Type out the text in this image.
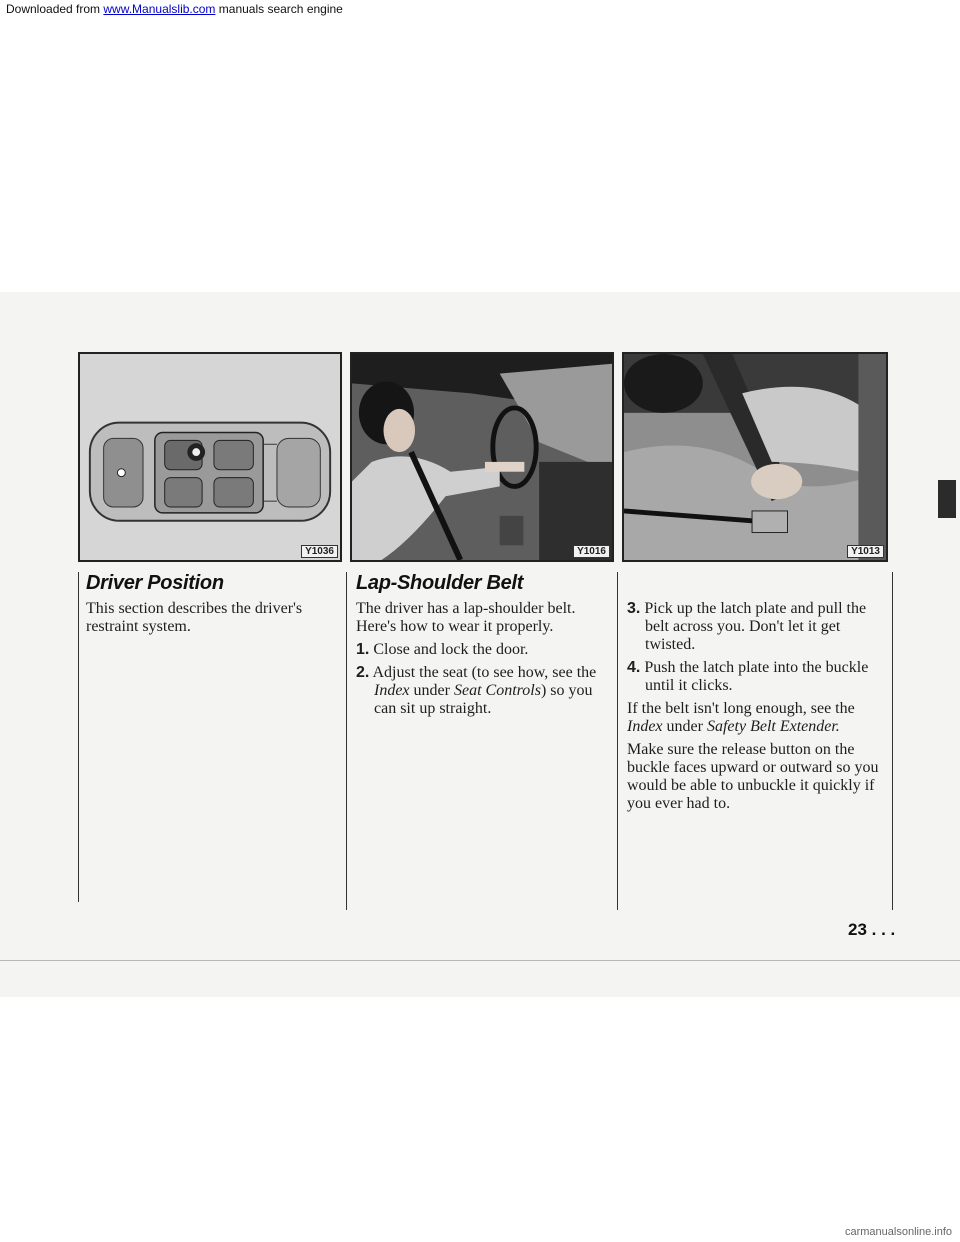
Downloaded from www.Manualslib.com manuals search engine
Y1036	Y1016	Y1013
Driver Position

This section describes the driver's restraint system.

Lap-Shoulder Belt

The driver has a lap-shoulder belt. Here's how to wear it properly.

1. Close and lock the door.

2. Adjust the seat (to see how, see the Index under Seat Controls) so you can sit up straight.

3. Pick up the latch plate and pull the belt across you. Don't let it get twisted.

4. Push the latch plate into the buckle until it clicks.

If the belt isn't long enough, see the Index under Safety Belt Extender.

Make sure the release button on the buckle faces upward or outward so you would be able to unbuckle it quickly if you ever had to.

23 . . .
carmanualsonline.info
